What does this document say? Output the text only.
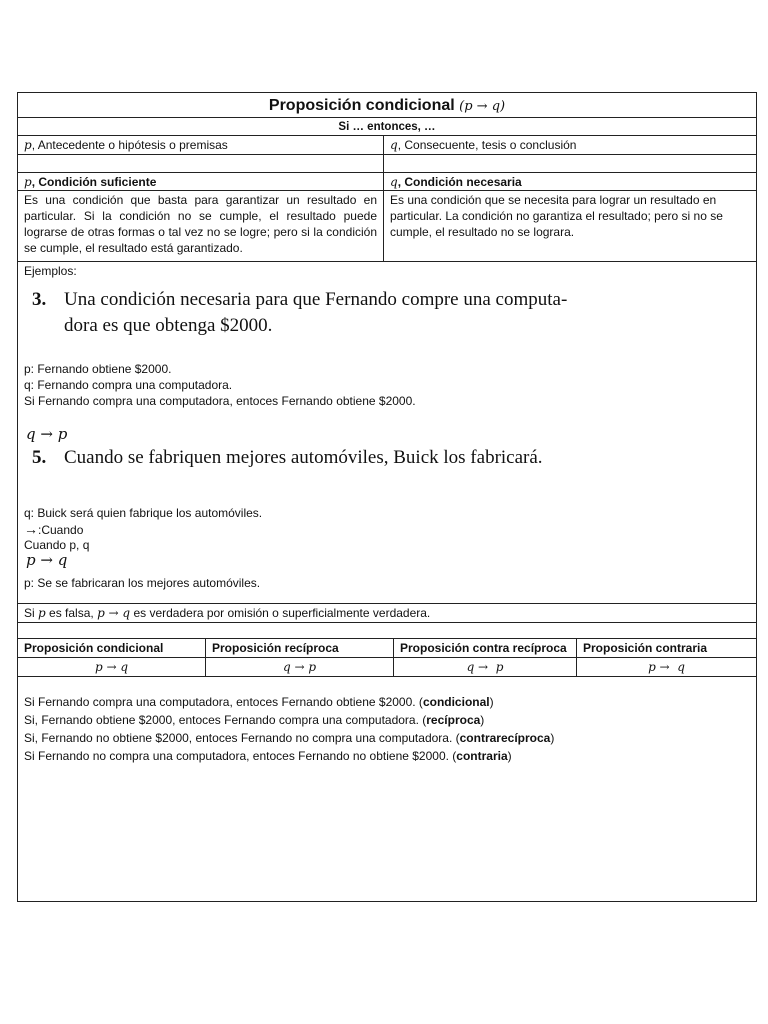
Proposición condicional (p → q)
Si … entonces, …
p, Antecedente o hipótesis o premisas	q, Consecuente, tesis o conclusión
p, Condición suficiente	q, Condición necesaria
Es una condición que basta para garantizar un resultado en particular. Si la condición no se cumple, el resultado puede lograrse de otras formas o tal vez no se logre; pero si la condición se cumple, el resultado está garantizado.
Es una condición que se necesita para lograr un resultado en particular. La condición no garantiza el resultado; pero si no se cumple, el resultado no se lograra.
Ejemplos:
3. Una condición necesaria para que Fernando compre una computa-
dora es que obtenga $2000.
p: Fernando obtiene $2000.
q: Fernando compra una computadora.
Si Fernando compra una computadora, entoces Fernando obtiene $2000.
q → p
5. Cuando se fabriquen mejores automóviles, Buick los fabricará.
p: Se se fabricaran los mejores automóviles.
q: Buick será quien fabrique los automóviles.
→:Cuando
Cuando p, q
p → q
Si p es falsa, p → q es verdadera por omisión o superficialmente verdadera.
Proposición condicional	Proposición recíproca	Proposición contra recíproca	Proposición contraria
p → q	q → p	q →  p	p →  q
Si Fernando compra una computadora, entoces Fernando obtiene $2000. (condicional)
Si, Fernando obtiene $2000, entoces Fernando compra una computadora. (recíproca)
Si, Fernando no obtiene $2000, entoces Fernando no compra una computadora. (contrarecíproca)
Si Fernando no compra una computadora, entoces Fernando no obtiene $2000. (contraria)
